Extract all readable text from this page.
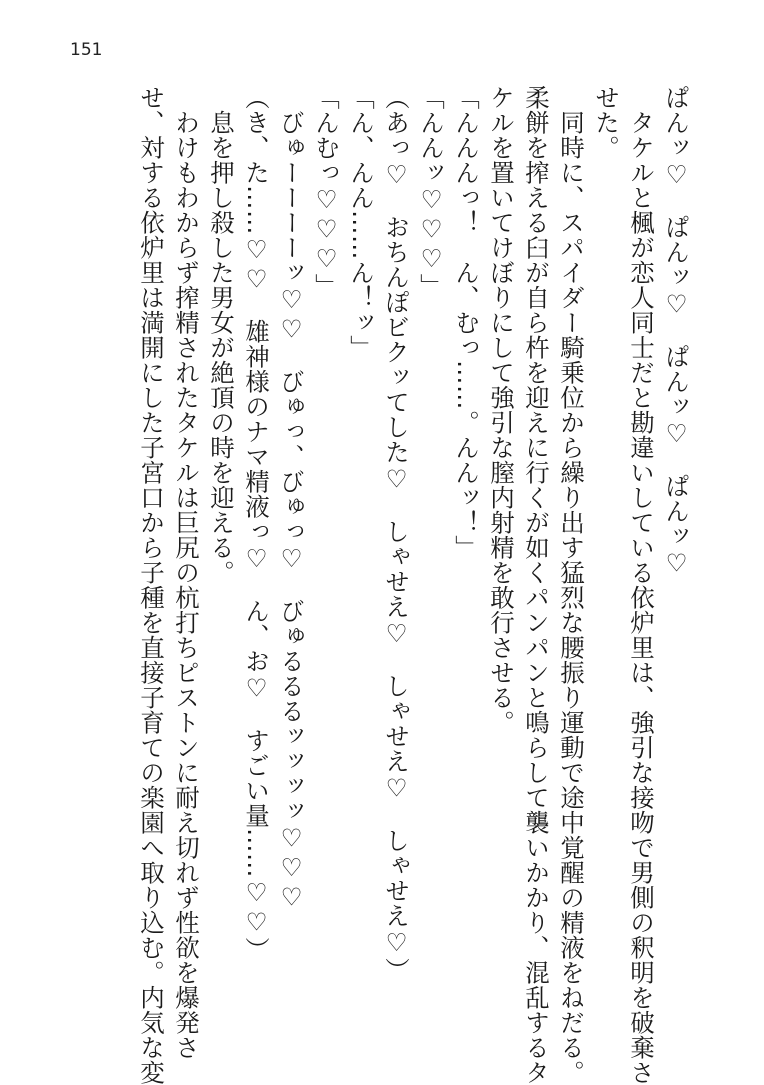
151
ぱんッ♡　ぱんッ♡　ぱんッ♡　ぱんッ♡
　タケルと楓が恋人同士だと勘違いしている依炉里は、強引な接吻で男側の釈明を破棄さ
せた。
　同時に、スパイダー騎乗位から繰り出す猛烈な腰振り運動で途中覚醒の精液をねだる。
柔餅を搾える臼が自ら杵を迎えに行くが如くパンパンと鳴らして襲いかかり、混乱するタ
ケルを置いてけぼりにして強引な膣内射精を敢行させる。
「んんんっ！　ん、むっ……。んんッ！」
「んんッ♡♡♡」
（あっ♡　おちんぽビクッてした♡　しゃせえ♡　しゃせえ♡　しゃせえ♡）
「ん、んん……ん！ッ」
「んむっ♡♡♡」
　びゅーーーーッ♡♡　びゅっ、びゅっ♡　びゅるるるッッッッ♡♡♡
（き、た……♡♡　雄神様のナマ精液っ♡　ん、お♡　すごい量……♡♡）
　息を押し殺した男女が絶頂の時を迎える。
　わけもわからず搾精されたタケルは巨尻の杭打ちピストンに耐え切れず性欲を爆発さ
せ、対する依炉里は満開にした子宮口から子種を直接子育ての楽園へ取り込む。内気な変
